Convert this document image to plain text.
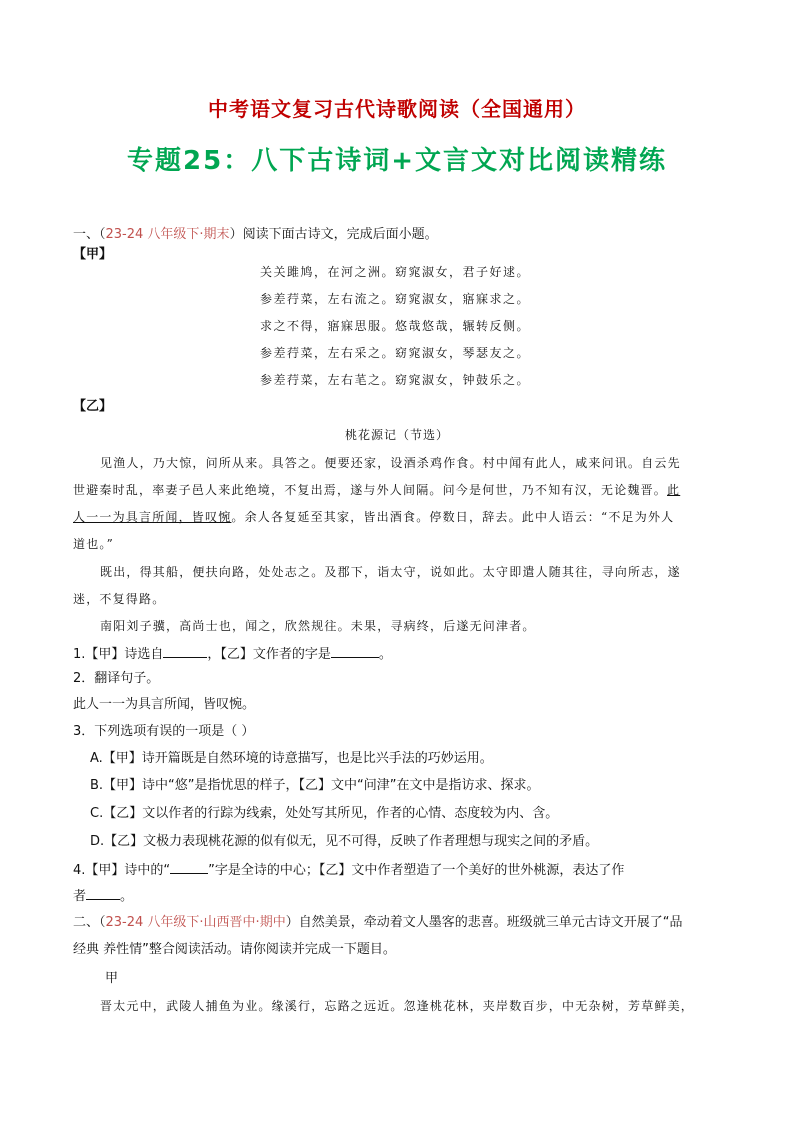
中考语文复习古代诗歌阅读（全国通用）
专题25：八下古诗词+文言文对比阅读精练
一、（23-24 八年级下·期末）阅读下面古诗文，完成后面小题。
【甲】
关关雎鸠，在河之洲。窈窕淑女，君子好逑。
参差荇菜，左右流之。窈窕淑女，寤寐求之。
求之不得，寤寐思服。悠哉悠哉，辗转反侧。
参差荇菜，左右采之。窈窕淑女，琴瑟友之。
参差荇菜，左右芼之。窈窕淑女，钟鼓乐之。
【乙】
桃花源记（节选）
见渔人，乃大惊，问所从来。具答之。便要还家，设酒杀鸡作食。村中闻有此人，咸来问讯。自云先
世避秦时乱，率妻子邑人来此绝境，不复出焉，遂与外人间隔。问今是何世，乃不知有汉，无论魏晋。此
人一一为具言所闻，皆叹惋。余人各复延至其家，皆出酒食。停数日，辞去。此中人语云：“不足为外人
道也。”
既出，得其船，便扶向路，处处志之。及郡下，诣太守，说如此。太守即遣人随其往，寻向所志，遂
迷，不复得路。
南阳刘子骥，高尚士也，闻之，欣然规往。未果，寻病终，后遂无问津者。
1.【甲】诗选自	，【乙】文作者的字是	。
2．翻译句子。
此人一一为具言所闻，皆叹惋。
3．下列选项有误的一项是（ ）
A.【甲】诗开篇既是自然环境的诗意描写，也是比兴手法的巧妙运用。
B.【甲】诗中“悠”是指忧思的样子，【乙】文中“问津”在文中是指访求、探求。
C.【乙】文以作者的行踪为线索，处处写其所见，作者的心情、态度较为内、含。
D.【乙】文极力表现桃花源的似有似无，见不可得，反映了作者理想与现实之间的矛盾。
4.【甲】诗中的“	”字是全诗的中心；【乙】文中作者塑造了一个美好的世外桃源，表达了作
者	。
二、（23-24 八年级下·山西晋中·期中）自然美景，牵动着文人墨客的悲喜。班级就三单元古诗文开展了“品
经典 养性情”整合阅读活动。请你阅读并完成一下题目。
甲
晋太元中，武陵人捕鱼为业。缘溪行，忘路之远近。忽逢桃花林，夹岸数百步，中无杂树，芳草鲜美，
